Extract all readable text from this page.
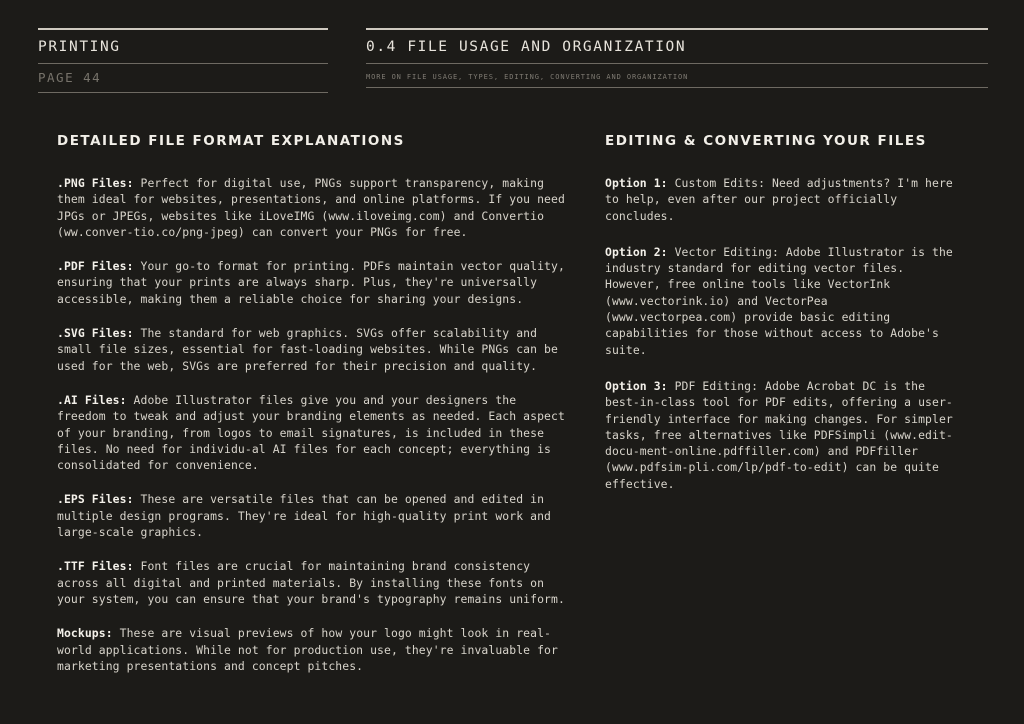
PRINTING
PAGE 44
0.4 FILE USAGE AND ORGANIZATION
MORE ON FILE USAGE, TYPES, EDITING, CONVERTING AND ORGANIZATION
DETAILED FILE FORMAT EXPLANATIONS

.PNG Files: Perfect for digital use, PNGs support transparency, making them ideal for websites, presentations, and online platforms. If you need JPGs or JPEGs, websites like iLoveIMG (www.iloveimg.com) and Convertio (ww.conver-tio.co/png-jpeg) can convert your PNGs for free.

.PDF Files: Your go-to format for printing. PDFs maintain vector quality, ensuring that your prints are always sharp. Plus, they're universally accessible, making them a reliable choice for sharing your designs.

.SVG Files: The standard for web graphics. SVGs offer scalability and small file sizes, essential for fast-loading websites. While PNGs can be used for the web, SVGs are preferred for their precision and quality.

.AI Files: Adobe Illustrator files give you and your designers the freedom to tweak and adjust your branding elements as needed. Each aspect of your branding, from logos to email signatures, is included in these files. No need for individu-al AI files for each concept; everything is consolidated for convenience.

.EPS Files: These are versatile files that can be opened and edited in multiple design programs. They're ideal for high-quality print work and large-scale graphics.

.TTF Files: Font files are crucial for maintaining brand consistency across all digital and printed materials. By installing these fonts on your system, you can ensure that your brand's typography remains uniform.

Mockups: These are visual previews of how your logo might look in real-world applications. While not for production use, they're invaluable for marketing presentations and concept pitches.

EDITING & CONVERTING YOUR FILES

Option 1: Custom Edits: Need adjustments? I'm here to help, even after our project officially concludes.

Option 2: Vector Editing: Adobe Illustrator is the industry standard for editing vector files. However, free online tools like VectorInk (www.vectorink.io) and VectorPea (www.vectorpea.com) provide basic editing capabilities for those without access to Adobe's suite.

Option 3: PDF Editing: Adobe Acrobat DC is the best-in-class tool for PDF edits, offering a user-friendly interface for making changes. For simpler tasks, free alternatives like PDFSimpli (www.edit-docu-ment-online.pdffiller.com) and PDFfiller (www.pdfsim-pli.com/lp/pdf-to-edit) can be quite effective.
